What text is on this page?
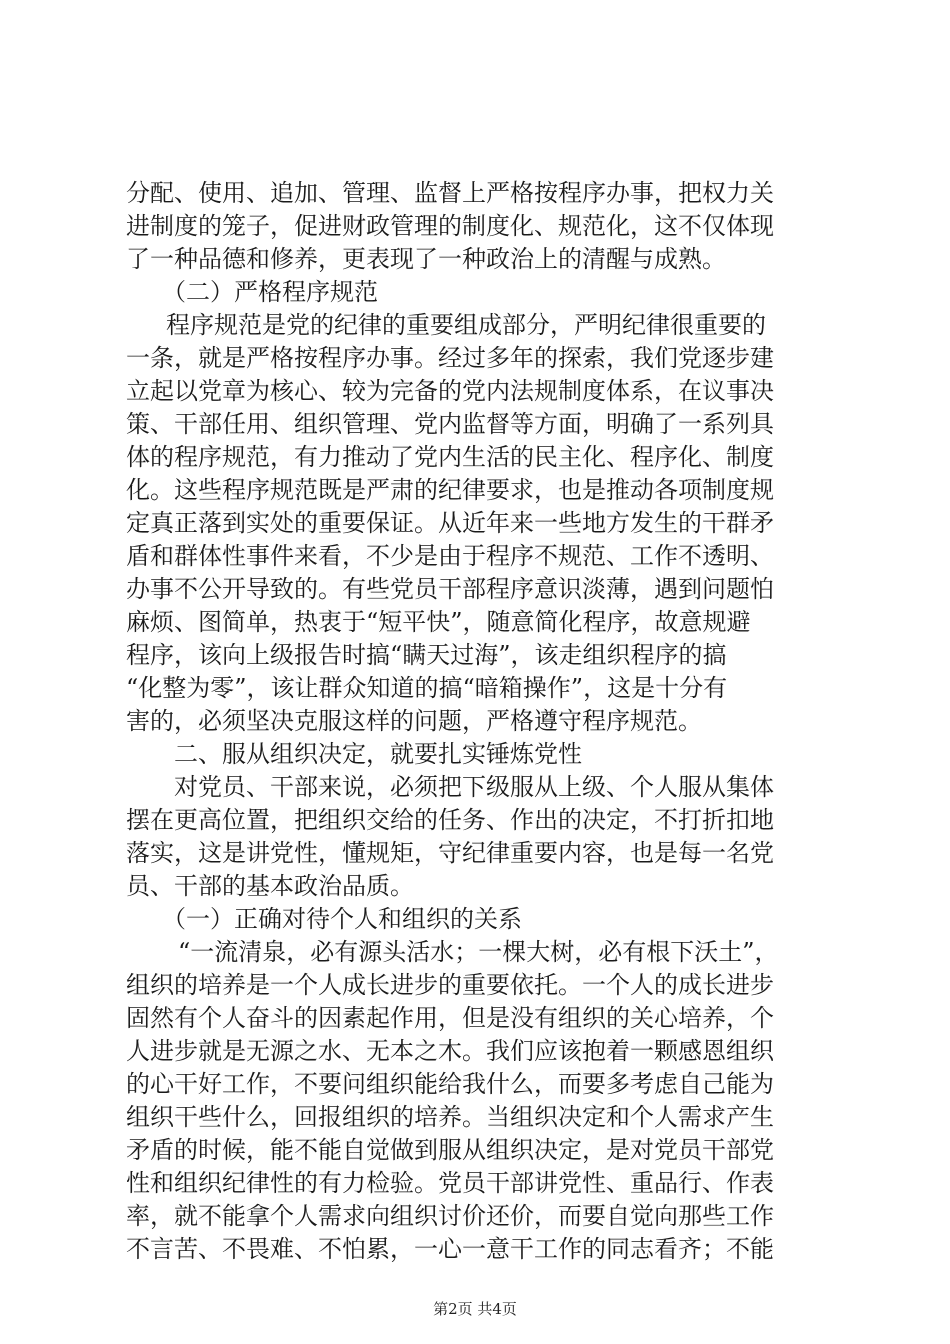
分配、使用、追加、管理、监督上严格按程序办事，把权力关
进制度的笼子，促进财政管理的制度化、规范化，这不仅体现
了一种品德和修养，更表现了一种政治上的清醒与成熟。
（二）严格程序规范
程序规范是党的纪律的重要组成部分，严明纪律很重要的
一条，就是严格按程序办事。经过多年的探索，我们党逐步建
立起以党章为核心、较为完备的党内法规制度体系，在议事决
策、干部任用、组织管理、党内监督等方面，明确了一系列具
体的程序规范，有力推动了党内生活的民主化、程序化、制度
化。这些程序规范既是严肃的纪律要求，也是推动各项制度规
定真正落到实处的重要保证。从近年来一些地方发生的干群矛
盾和群体性事件来看，不少是由于程序不规范、工作不透明、
办事不公开导致的。有些党员干部程序意识淡薄，遇到问题怕
麻烦、图简单，热衷于“短平快”，随意简化程序，故意规避
程序，该向上级报告时搞“瞒天过海”，该走组织程序的搞
“化整为零”，该让群众知道的搞“暗箱操作”，这是十分有
害的，必须坚决克服这样的问题，严格遵守程序规范。
二、服从组织决定，就要扎实锤炼党性
对党员、干部来说，必须把下级服从上级、个人服从集体
摆在更高位置，把组织交给的任务、作出的决定，不打折扣地
落实，这是讲党性，懂规矩，守纪律重要内容，也是每一名党
员、干部的基本政治品质。
（一）正确对待个人和组织的关系
“一流清泉，必有源头活水；一棵大树，必有根下沃土”，
组织的培养是一个人成长进步的重要依托。一个人的成长进步
固然有个人奋斗的因素起作用，但是没有组织的关心培养，个
人进步就是无源之水、无本之木。我们应该抱着一颗感恩组织
的心干好工作，不要问组织能给我什么，而要多考虑自己能为
组织干些什么，回报组织的培养。当组织决定和个人需求产生
矛盾的时候，能不能自觉做到服从组织决定，是对党员干部党
性和组织纪律性的有力检验。党员干部讲党性、重品行、作表
率，就不能拿个人需求向组织讨价还价，而要自觉向那些工作
不言苦、不畏难、不怕累，一心一意干工作的同志看齐；不能
第2页 共4页
